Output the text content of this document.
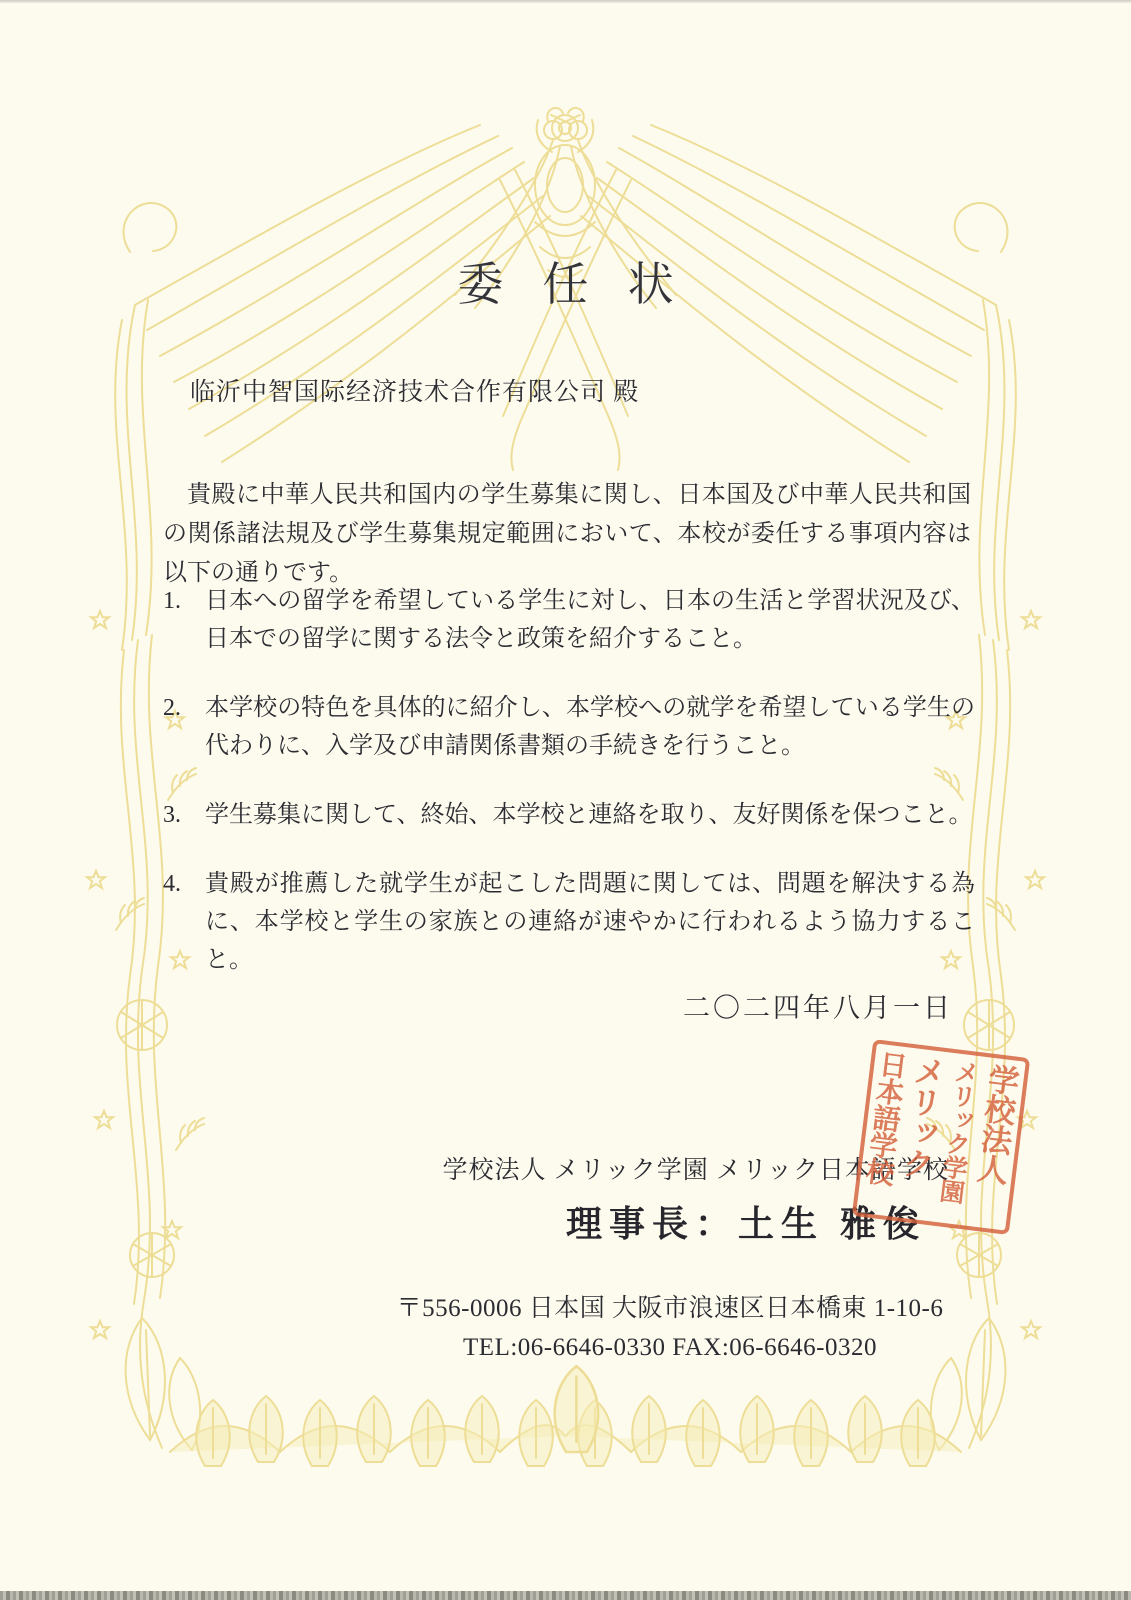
委任状
临沂中智国际经济技术合作有限公司 殿

貴殿に中華人民共和国内の学生募集に関し、日本国及び中華人民共和国の関係諸法規及び学生募集規定範囲において、本校が委任する事項内容は以下の通りです。

1.	日本への留学を希望している学生に対し、日本の生活と学習状況及び、日本での留学に関する法令と政策を紹介すること。
2.	本学校の特色を具体的に紹介し、本学校への就学を希望している学生の代わりに、入学及び申請関係書類の手続きを行うこと。
3.	学生募集に関して、終始、本学校と連絡を取り、友好関係を保つこと。
4.	貴殿が推薦した就学生が起こした問題に関しては、問題を解決する為に、本学校と学生の家族との連絡が速やかに行われるよう協力すること。
二〇二四年八月一日
学校法人 メリック学園 メリック日本語学校
理事長：土生 雅俊
〒556-0006 日本国 大阪市浪速区日本橋東 1-10-6
TEL:06-6646-0330 FAX:06-6646-0320
学校法人
メリック学園
メリック
日本語学校
